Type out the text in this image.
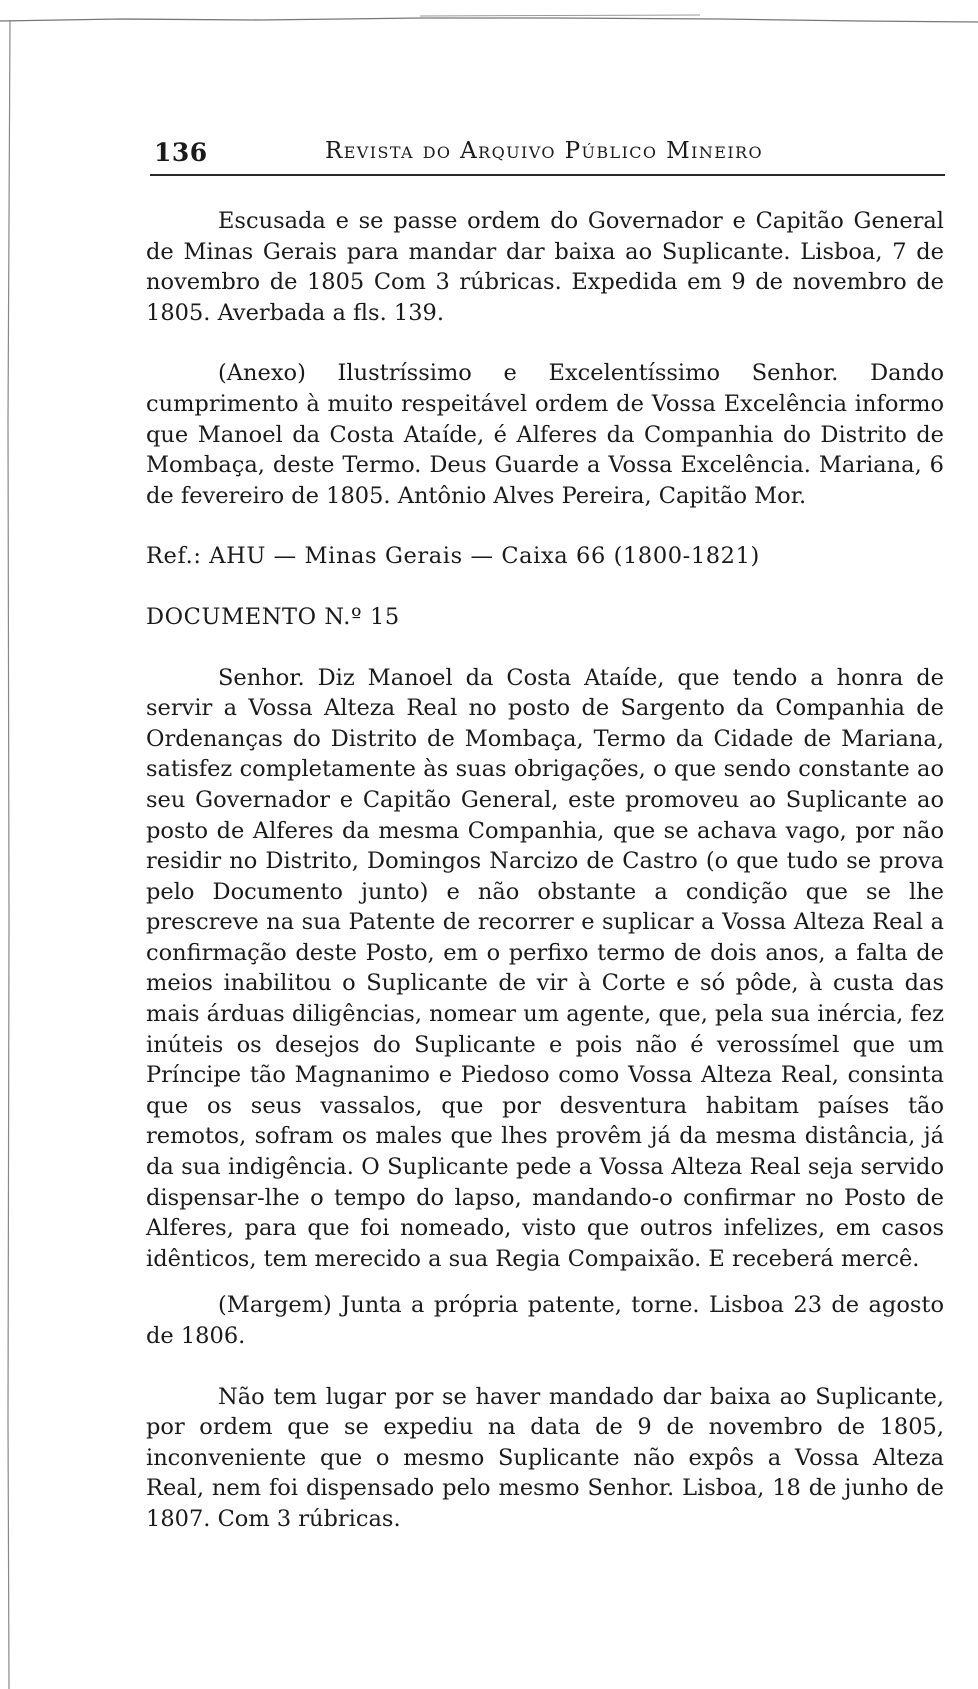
136	Revista do Arquivo Público Mineiro

Escusada e se passe ordem do Governador e Capitão General de Minas Gerais para mandar dar baixa ao Suplicante. Lisboa, 7 de novembro de 1805 Com 3 rúbricas. Expedida em 9 de novembro de 1805. Averbada a fls. 139.

(Anexo) Ilustríssimo e Excelentíssimo Senhor. Dando cumprimento à muito respeitável ordem de Vossa Excelência informo que Manoel da Costa Ataíde, é Alferes da Companhia do Distrito de Mombaça, deste Termo. Deus Guarde a Vossa Excelência. Mariana, 6 de fevereiro de 1805. Antônio Alves Pereira, Capitão Mor.

Ref.: AHU — Minas Gerais — Caixa 66 (1800-1821)

DOCUMENTO N.º 15

Senhor. Diz Manoel da Costa Ataíde, que tendo a honra de servir a Vossa Alteza Real no posto de Sargento da Companhia de Ordenanças do Distrito de Mombaça, Termo da Cidade de Mariana, satisfez completamente às suas obrigações, o que sendo constante ao seu Governador e Capitão General, este promoveu ao Suplicante ao posto de Alferes da mesma Companhia, que se achava vago, por não residir no Distrito, Domingos Narcizo de Castro (o que tudo se prova pelo Documento junto) e não obstante a condição que se lhe prescreve na sua Patente de recorrer e suplicar a Vossa Alteza Real a confirmação deste Posto, em o perfixo termo de dois anos, a falta de meios inabilitou o Suplicante de vir à Corte e só pôde, à custa das mais árduas diligências, nomear um agente, que, pela sua inércia, fez inúteis os desejos do Suplicante e pois não é verossímel que um Príncipe tão Magnanimo e Piedoso como Vossa Alteza Real, consinta que os seus vassalos, que por desventura habitam países tão remotos, sofram os males que lhes provêm já da mesma distância, já da sua indigência. O Suplicante pede a Vossa Alteza Real seja servido dispensar-lhe o tempo do lapso, mandando-o confirmar no Posto de Alferes, para que foi nomeado, visto que outros infelizes, em casos idênticos, tem merecido a sua Regia Compaixão. E receberá mercê.

(Margem) Junta a própria patente, torne. Lisboa 23 de agosto de 1806.

Não tem lugar por se haver mandado dar baixa ao Suplicante, por ordem que se expediu na data de 9 de novembro de 1805, inconveniente que o mesmo Suplicante não expôs a Vossa Alteza Real, nem foi dispensado pelo mesmo Senhor. Lisboa, 18 de junho de 1807. Com 3 rúbricas.
